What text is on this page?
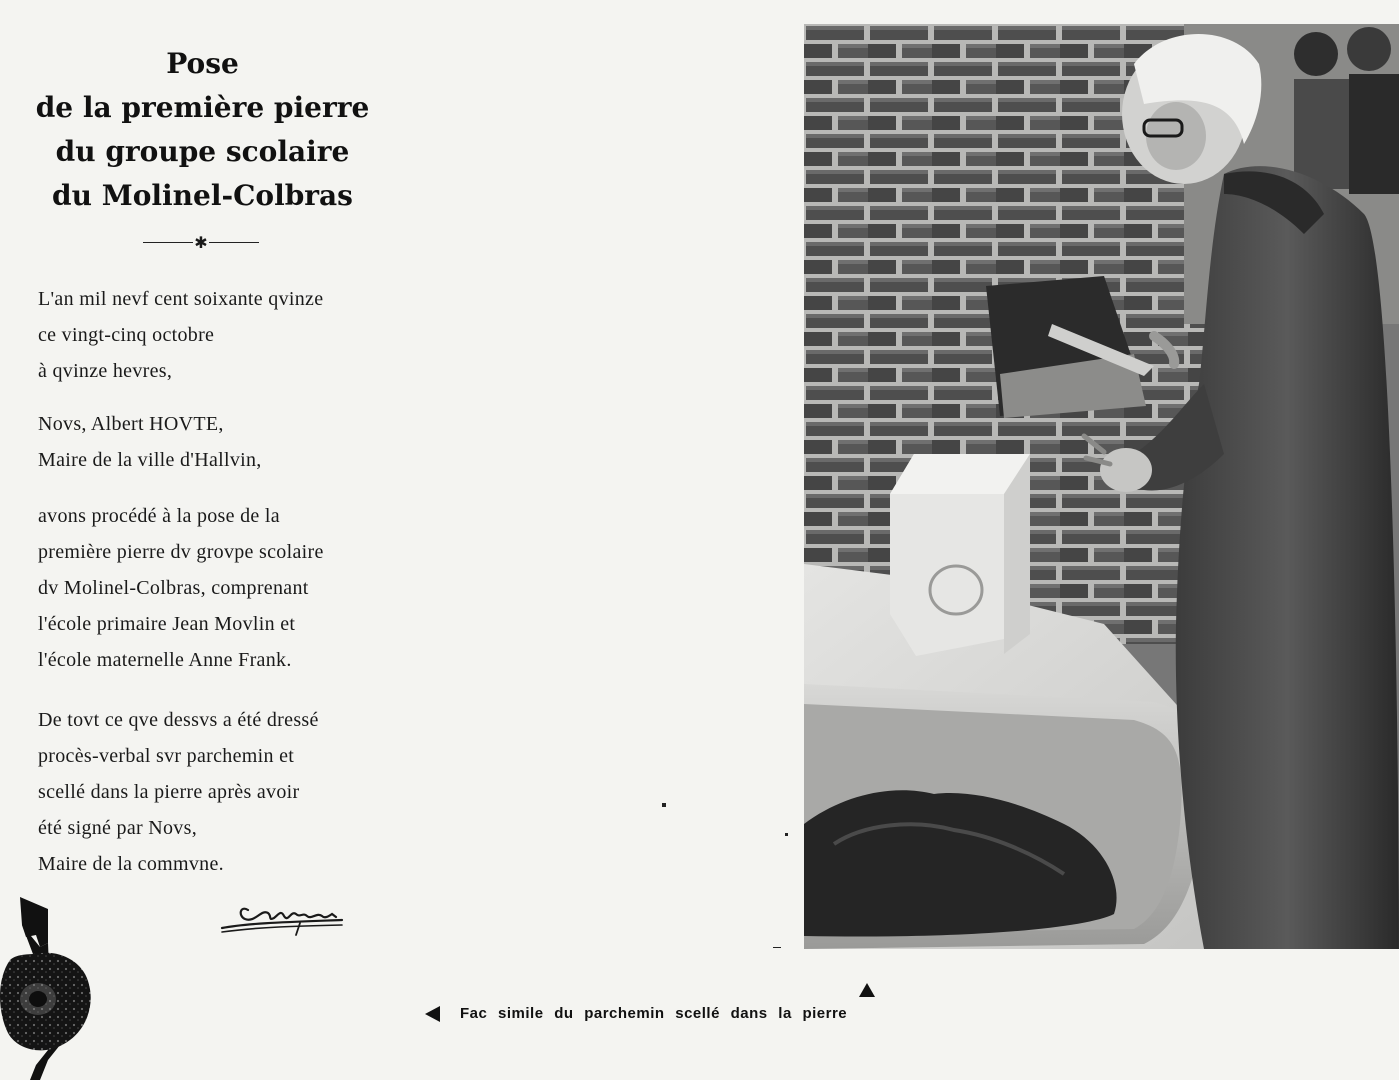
Pose
de la première pierre
du groupe scolaire
du Molinel-Colbras
✱
L'an mil nevf cent soixante qvinze
ce vingt-cinq octobre
à qvinze hevres,
Novs, Albert HOVTE,
Maire de la ville d'Hallvin,
avons procédé à la pose de la
première pierre dv grovpe scolaire
dv Molinel-Colbras, comprenant
l'école primaire Jean Movlin et
l'école maternelle Anne Frank.
De tovt ce qve dessvs a été dressé
procès-verbal svr parchemin et
scellé dans la pierre après avoir
été signé par Novs,
Maire de la commvne.
Fac simile du parchemin scellé dans la pierre
